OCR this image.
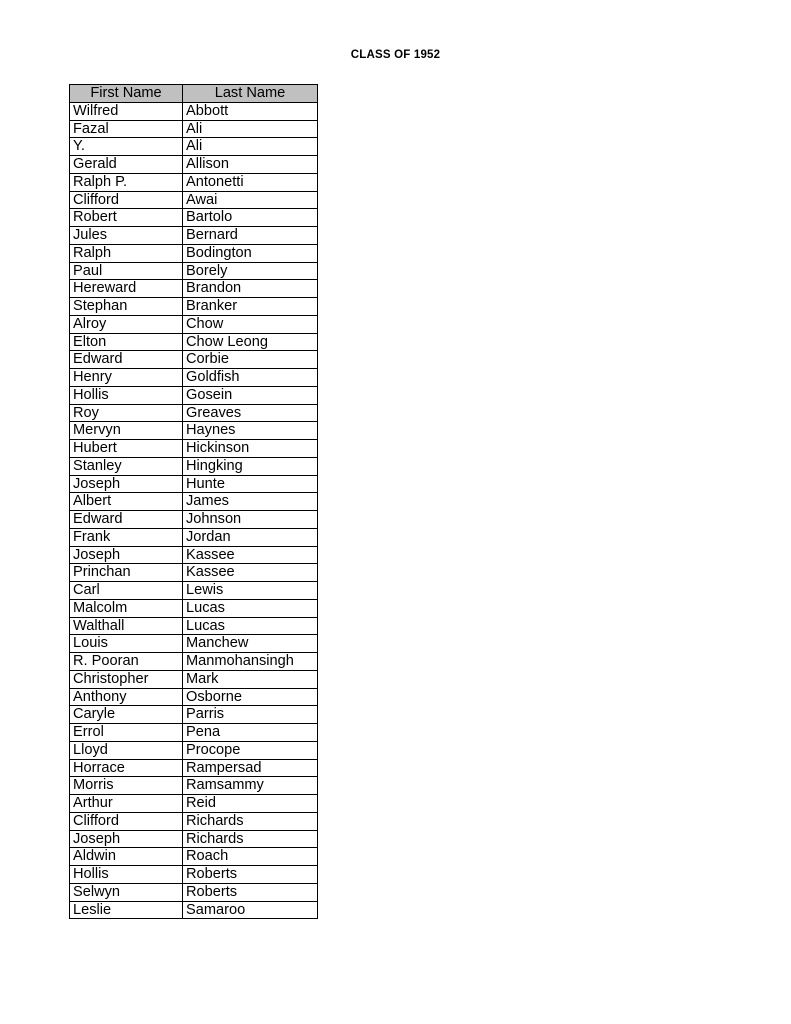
CLASS OF 1952
First Name	Last Name
Wilfred	Abbott
Fazal	Ali
Y.	Ali
Gerald	Allison
Ralph P.	Antonetti
Clifford	Awai
Robert	Bartolo
Jules	Bernard
Ralph	Bodington
Paul	Borely
Hereward	Brandon
Stephan	Branker
Alroy	Chow
Elton	Chow Leong
Edward	Corbie
Henry	Goldfish
Hollis	Gosein
Roy	Greaves
Mervyn	Haynes
Hubert	Hickinson
Stanley	Hingking
Joseph	Hunte
Albert	James
Edward	Johnson
Frank	Jordan
Joseph	Kassee
Princhan	Kassee
Carl	Lewis
Malcolm	Lucas
Walthall	Lucas
Louis	Manchew
R. Pooran	Manmohansingh
Christopher	Mark
Anthony	Osborne
Caryle	Parris
Errol	Pena
Lloyd	Procope
Horrace	Rampersad
Morris	Ramsammy
Arthur	Reid
Clifford	Richards
Joseph	Richards
Aldwin	Roach
Hollis	Roberts
Selwyn	Roberts
Leslie	Samaroo
